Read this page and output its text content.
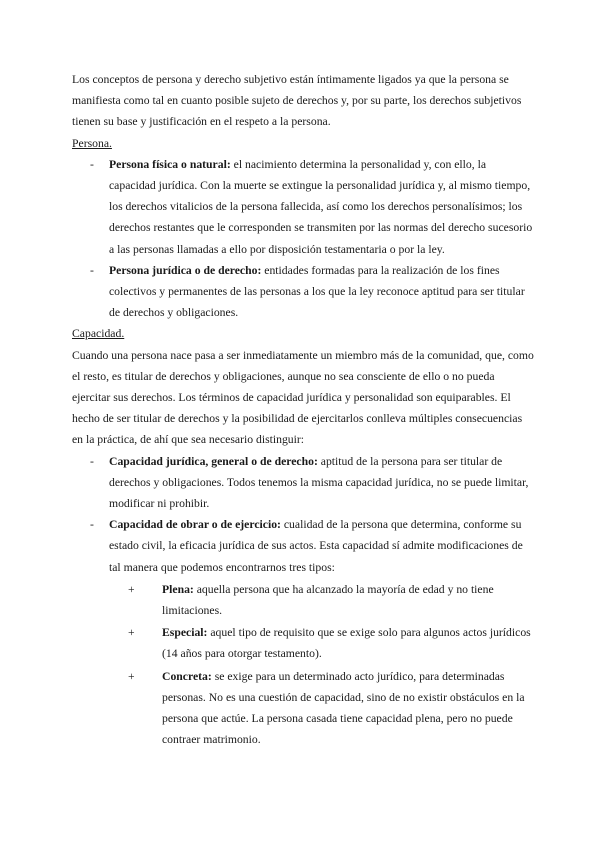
Los conceptos de persona y derecho subjetivo están íntimamente ligados ya que la persona se manifiesta como tal en cuanto posible sujeto de derechos y, por su parte, los derechos subjetivos tienen su base y justificación en el respeto a la persona.

Persona.

- Persona física o natural: el nacimiento determina la personalidad y, con ello, la capacidad jurídica. Con la muerte se extingue la personalidad jurídica y, al mismo tiempo, los derechos vitalicios de la persona fallecida, así como los derechos personalísimos; los derechos restantes que le corresponden se transmiten por las normas del derecho sucesorio a las personas llamadas a ello por disposición testamentaria o por la ley.
- Persona jurídica o de derecho: entidades formadas para la realización de los fines colectivos y permanentes de las personas a los que la ley reconoce aptitud para ser titular de derechos y obligaciones.

Capacidad.

Cuando una persona nace pasa a ser inmediatamente un miembro más de la comunidad, que, como el resto, es titular de derechos y obligaciones, aunque no sea consciente de ello o no pueda ejercitar sus derechos. Los términos de capacidad jurídica y personalidad son equiparables. El hecho de ser titular de derechos y la posibilidad de ejercitarlos conlleva múltiples consecuencias en la práctica, de ahí que sea necesario distinguir:

- Capacidad jurídica, general o de derecho: aptitud de la persona para ser titular de derechos y obligaciones. Todos tenemos la misma capacidad jurídica, no se puede limitar, modificar ni prohibir.
- Capacidad de obrar o de ejercicio: cualidad de la persona que determina, conforme su estado civil, la eficacia jurídica de sus actos. Esta capacidad sí admite modificaciones de tal manera que podemos encontrarnos tres tipos:
+ Plena: aquella persona que ha alcanzado la mayoría de edad y no tiene limitaciones.
+ Especial: aquel tipo de requisito que se exige solo para algunos actos jurídicos (14 años para otorgar testamento).
+ Concreta: se exige para un determinado acto jurídico, para determinadas personas. No es una cuestión de capacidad, sino de no existir obstáculos en la persona que actúe. La persona casada tiene capacidad plena, pero no puede contraer matrimonio.
